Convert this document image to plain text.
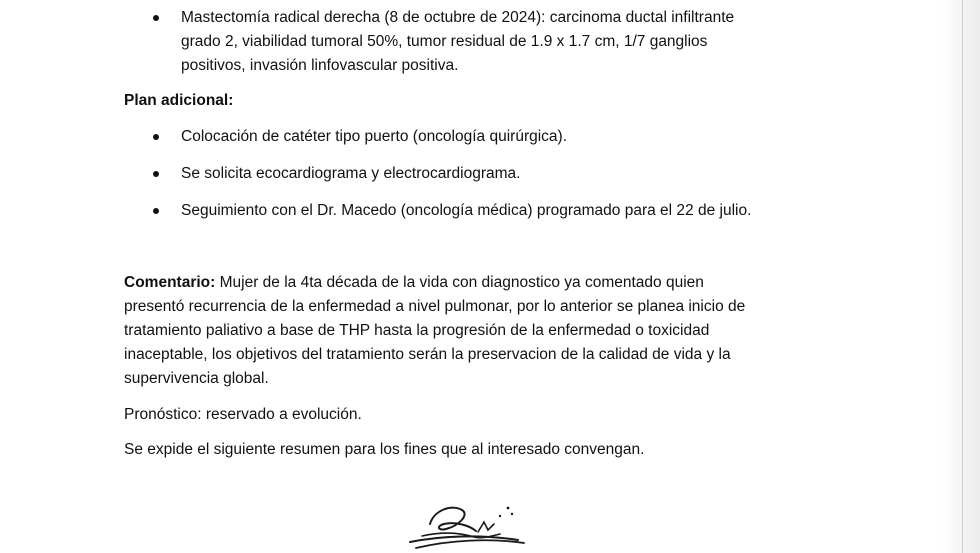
Mastectomía radical derecha (8 de octubre de 2024): carcinoma ductal infiltrante
grado 2, viabilidad tumoral 50%, tumor residual de 1.9 x 1.7 cm, 1/7 ganglios
positivos, invasión linfovascular positiva.
Plan adicional:
Colocación de catéter tipo puerto (oncología quirúrgica).
Se solicita ecocardiograma y electrocardiograma.
Seguimiento con el Dr. Macedo (oncología médica) programado para el 22 de julio.
Comentario: Mujer de la 4ta década de la vida con diagnostico ya comentado quien
presentó recurrencia de la enfermedad a nivel pulmonar, por lo anterior se planea inicio de
tratamiento paliativo a base de THP hasta la progresión de la enfermedad o toxicidad
inaceptable, los objetivos del tratamiento serán la preservacion de la calidad de vida y la
supervivencia global.
Pronóstico: reservado a evolución.
Se expide el siguiente resumen para los fines que al interesado convengan.
